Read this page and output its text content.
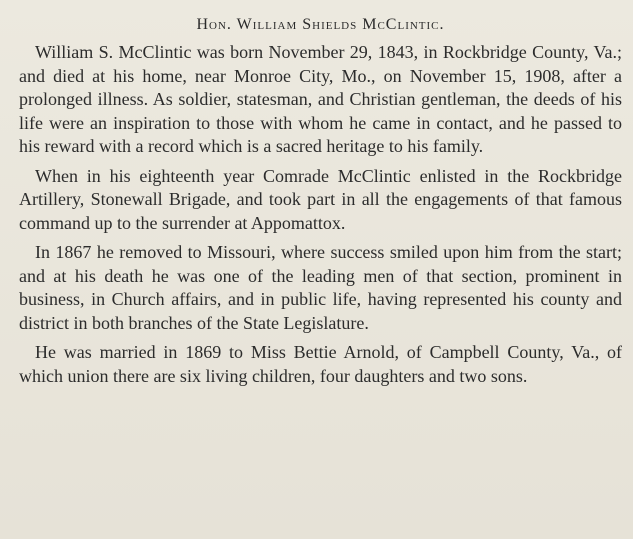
Hon. William Shields McClintic.

William S. McClintic was born November 29, 1843, in Rockbridge County, Va.; and died at his home, near Monroe City, Mo., on November 15, 1908, after a prolonged illness. As soldier, statesman, and Christian gentleman, the deeds of his life were an inspiration to those with whom he came in contact, and he passed to his reward with a record which is a sacred heritage to his family.

When in his eighteenth year Comrade McClintic enlisted in the Rockbridge Artillery, Stonewall Brigade, and took part in all the engagements of that famous command up to the surrender at Appomattox.

In 1867 he removed to Missouri, where success smiled upon him from the start; and at his death he was one of the leading men of that section, prominent in business, in Church affairs, and in public life, having represented his county and district in both branches of the State Legislature.

He was married in 1869 to Miss Bettie Arnold, of Campbell County, Va., of which union there are six living children, four daughters and two sons.
